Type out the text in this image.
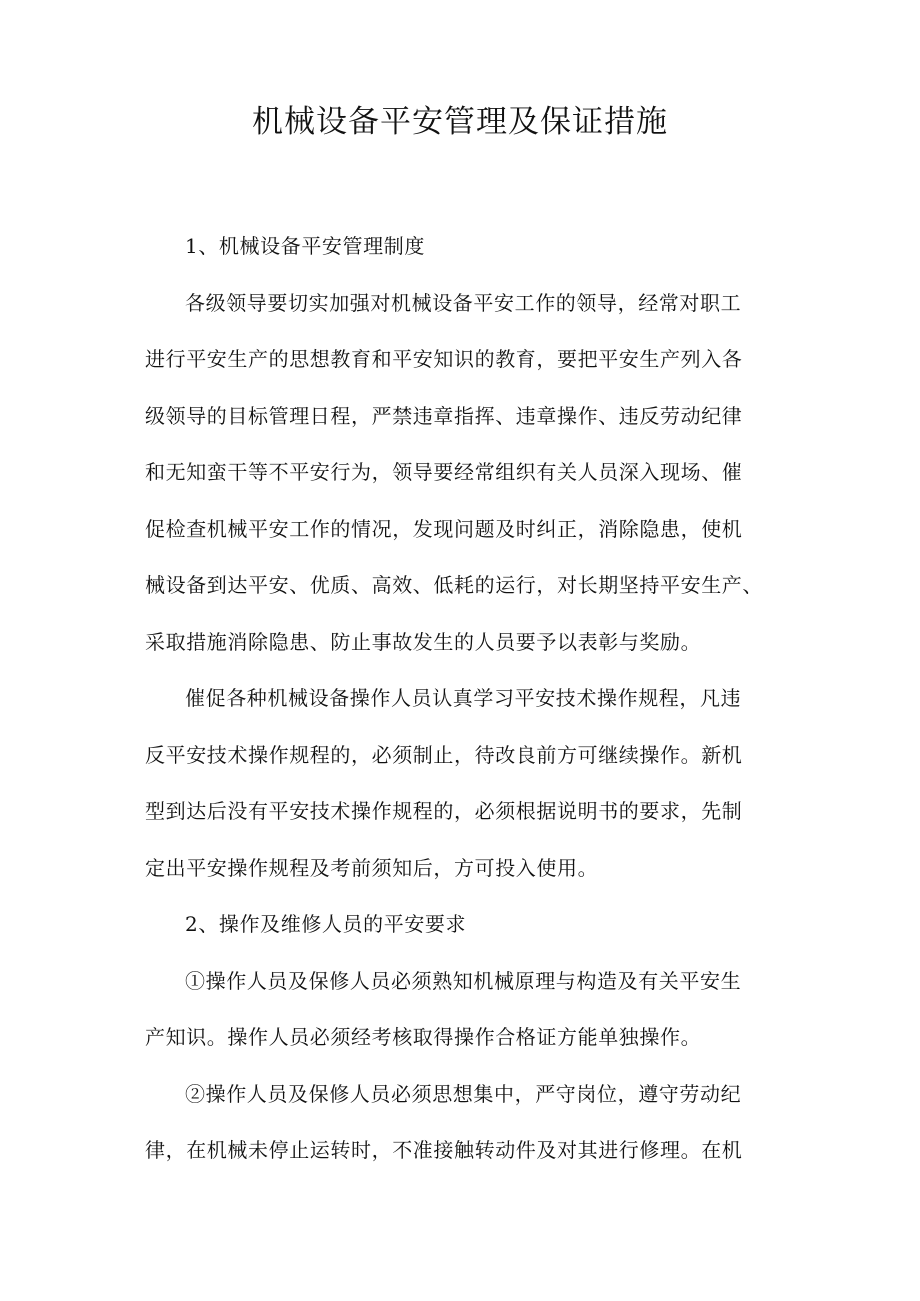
机械设备平安管理及保证措施
1、机械设备平安管理制度
各级领导要切实加强对机械设备平安工作的领导，经常对职工
进行平安生产的思想教育和平安知识的教育，要把平安生产列入各
级领导的目标管理日程，严禁违章指挥、违章操作、违反劳动纪律
和无知蛮干等不平安行为，领导要经常组织有关人员深入现场、催
促检查机械平安工作的情况，发现问题及时纠正，消除隐患，使机
械设备到达平安、优质、高效、低耗的运行，对长期坚持平安生产、
采取措施消除隐患、防止事故发生的人员要予以表彰与奖励。
催促各种机械设备操作人员认真学习平安技术操作规程，凡违
反平安技术操作规程的，必须制止，待改良前方可继续操作。新机
型到达后没有平安技术操作规程的，必须根据说明书的要求，先制
定出平安操作规程及考前须知后，方可投入使用。
2、操作及维修人员的平安要求
①操作人员及保修人员必须熟知机械原理与构造及有关平安生
产知识。操作人员必须经考核取得操作合格证方能单独操作。
②操作人员及保修人员必须思想集中，严守岗位，遵守劳动纪
律，在机械未停止运转时，不准接触转动件及对其进行修理。在机
